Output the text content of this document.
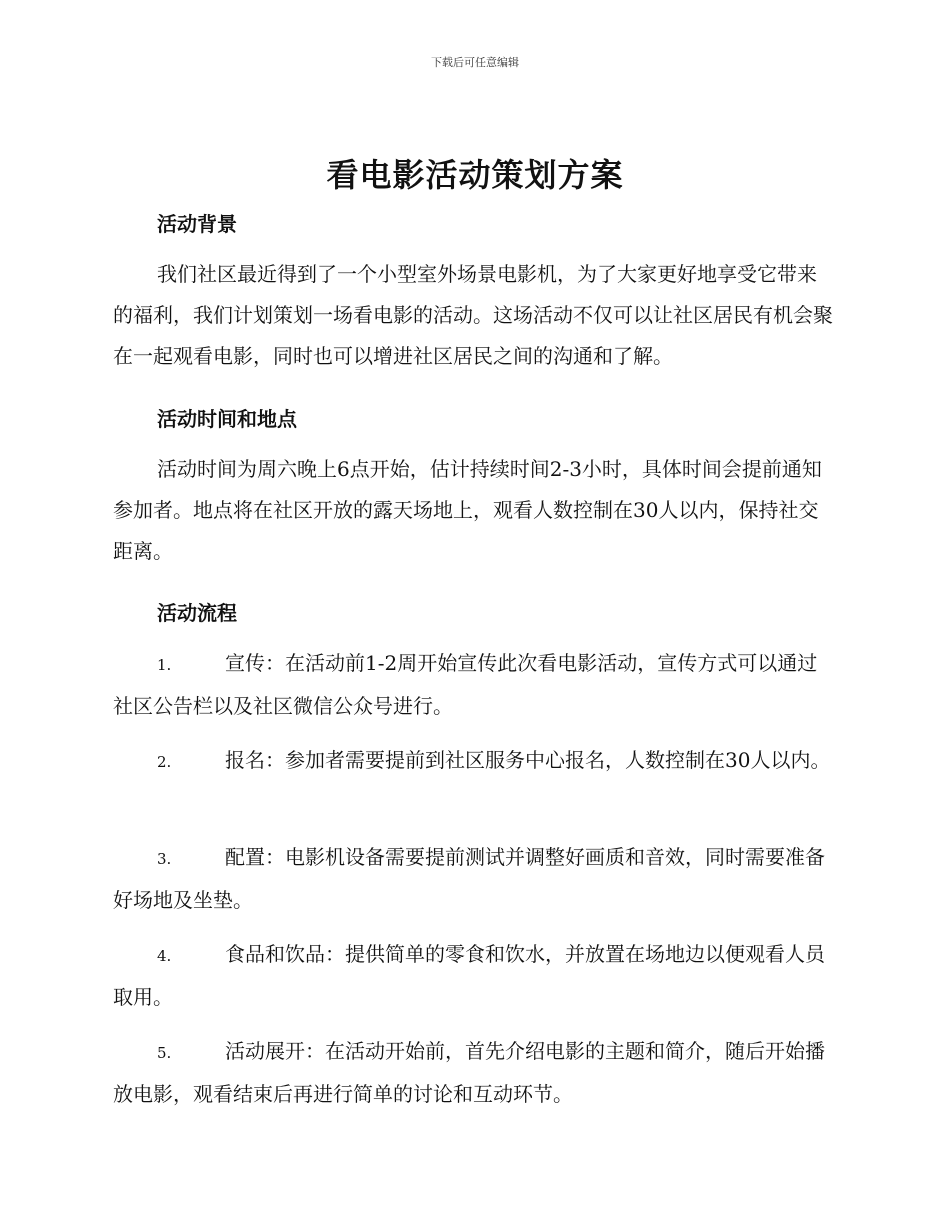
下载后可任意编辑
看电影活动策划方案
活动背景
我们社区最近得到了一个小型室外场景电影机，为了大家更好地享受它带来的福利，我们计划策划一场看电影的活动。这场活动不仅可以让社区居民有机会聚在一起观看电影，同时也可以增进社区居民之间的沟通和了解。
活动时间和地点
活动时间为周六晚上6点开始，估计持续时间2-3小时，具体时间会提前通知参加者。地点将在社区开放的露天场地上，观看人数控制在30人以内，保持社交距离。
活动流程
1.	宣传：在活动前1-2周开始宣传此次看电影活动，宣传方式可以通过社区公告栏以及社区微信公众号进行。
2.	报名：参加者需要提前到社区服务中心报名，人数控制在30人以内。
3.	配置：电影机设备需要提前测试并调整好画质和音效，同时需要准备好场地及坐垫。
4.	食品和饮品：提供简单的零食和饮水，并放置在场地边以便观看人员取用。
5.	活动展开：在活动开始前，首先介绍电影的主题和简介，随后开始播放电影，观看结束后再进行简单的讨论和互动环节。
